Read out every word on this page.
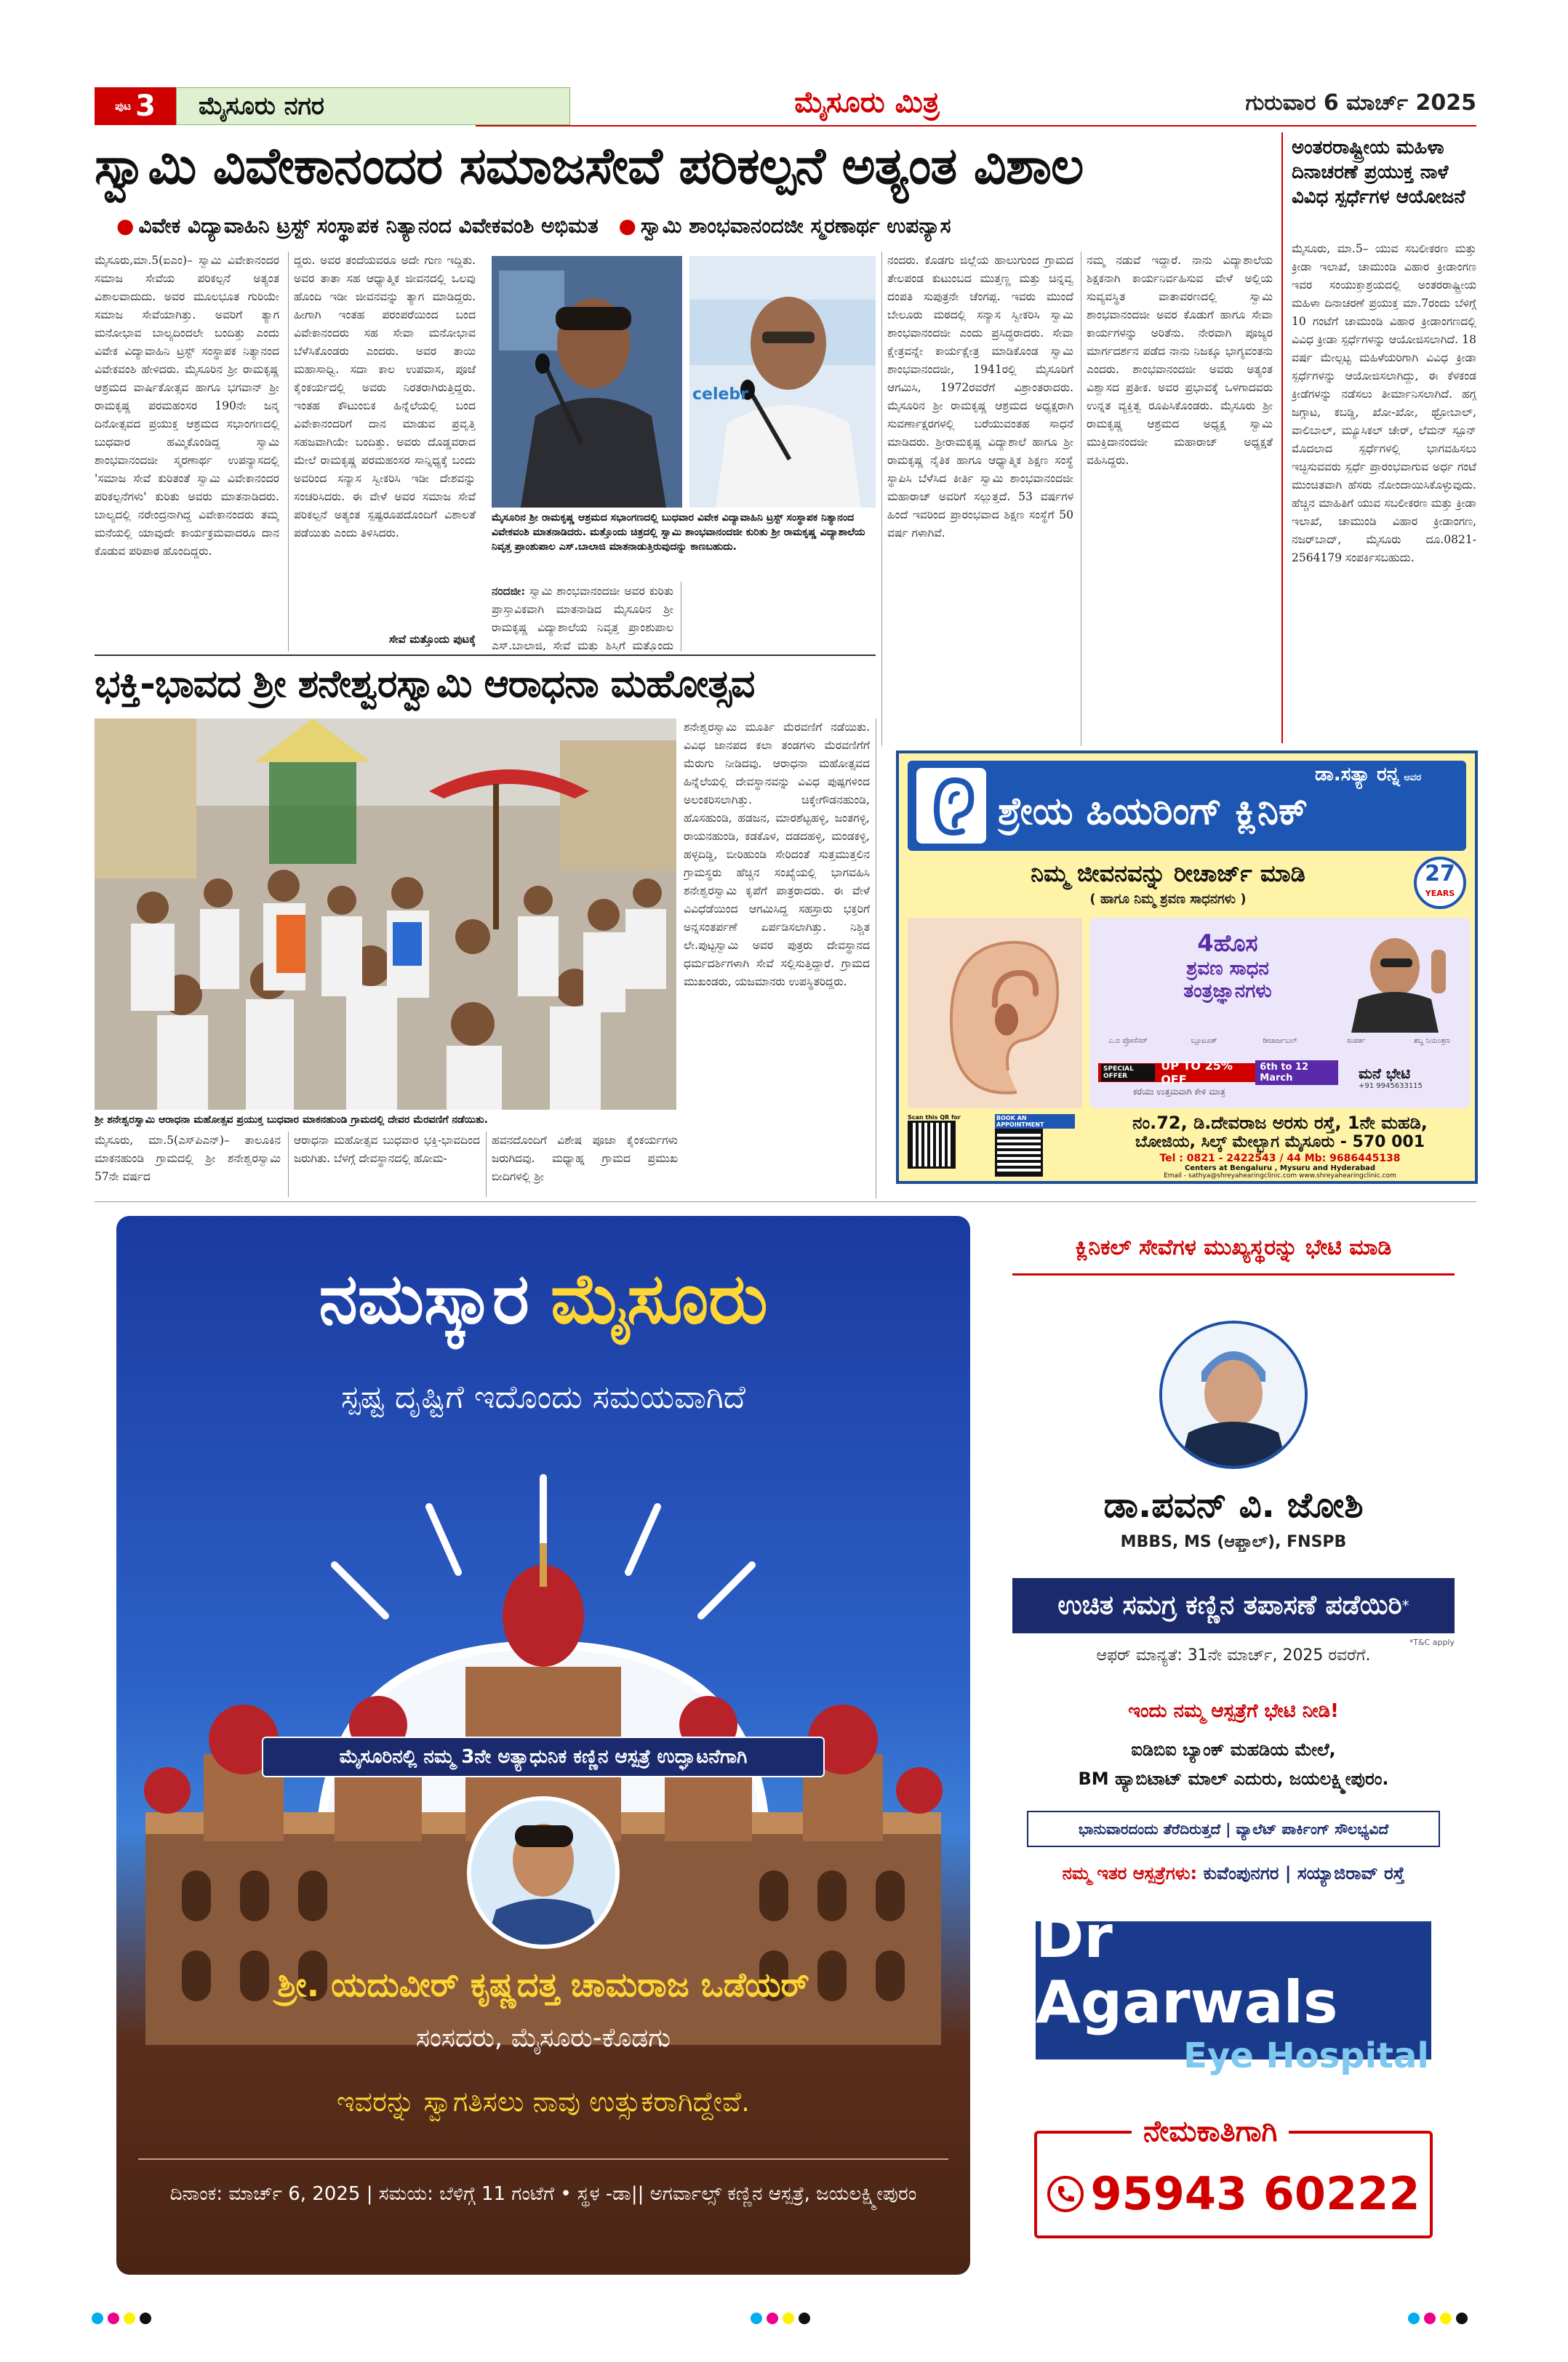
ಪುಟ 3 ಮೈಸೂರು ನಗರ	ಮೈಸೂರು ಮಿತ್ರ	ಗುರುವಾರ 6 ಮಾರ್ಚ್ 2025
ಸ್ವಾಮಿ ವಿವೇಕಾನಂದರ ಸಮಾಜಸೇವೆ ಪರಿಕಲ್ಪನೆ ಅತ್ಯಂತ ವಿಶಾಲ
● ವಿವೇಕ ವಿದ್ಯಾವಾಹಿನಿ ಟ್ರಸ್ಟ್ ಸಂಸ್ಥಾಪಕ ನಿತ್ಯಾನಂದ ವಿವೇಕವಂಶಿ ಅಭಿಮತ ● ಸ್ವಾಮಿ ಶಾಂಭವಾನಂದಜೀ ಸ್ಮರಣಾರ್ಥ ಉಪನ್ಯಾಸ
ಮೈಸೂರು,ಮಾ.5(ಐಎಂ)– ಸ್ವಾಮಿ ವಿವೇಕಾನಂದರ ಸಮಾಜ ಸೇವೆಯ ಪರಿಕಲ್ಪನೆ ಅತ್ಯಂತ ವಿಶಾಲವಾದುದು. ಅವರ ಮೂಲಭೂತ ಗುರಿಯೇ ಸಮಾಜ ಸೇವೆಯಾಗಿತ್ತು. ಅವರಿಗೆ ತ್ಯಾಗ ಮನೋಭಾವ ಬಾಲ್ಯದಿಂದಲೇ ಬಂದಿತ್ತು ಎಂದು ವಿವೇಕ ವಿದ್ಯಾವಾಹಿನಿ ಟ್ರಸ್ಟ್ ಸಂಸ್ಥಾಪಕ ನಿತ್ಯಾನಂದ ವಿವೇಕವಂಶಿ ಹೇಳಿದರು. ಮೈಸೂರಿನ ಶ್ರೀ ರಾಮಕೃಷ್ಣ ಆಶ್ರಮದ ವಾರ್ಷಿಕೋತ್ಸವ ಹಾಗೂ ಭಗವಾನ್ ಶ್ರೀ ರಾಮಕೃಷ್ಣ ಪರಮಹಂಸರ 190ನೇ ಜನ್ಮ ದಿನೋತ್ಸವದ ಪ್ರಯುಕ್ತ ಆಶ್ರಮದ ಸಭಾಂಗಣದಲ್ಲಿ ಬುಧವಾರ ಹಮ್ಮಿಕೊಂಡಿದ್ದ ಸ್ವಾಮಿ ಶಾಂಭವಾನಂದಜೀ ಸ್ಮರಣಾರ್ಥ ಉಪನ್ಯಾಸದಲ್ಲಿ 'ಸಮಾಜ ಸೇವೆ ಕುರಿತಂತೆ ಸ್ವಾಮಿ ವಿವೇಕಾನಂದರ ಪರಿಕಲ್ಪನೆಗಳು' ಕುರಿತು ಅವರು ಮಾತನಾಡಿದರು. ಬಾಲ್ಯದಲ್ಲಿ ನರೇಂದ್ರನಾಗಿದ್ದ ವಿವೇಕಾನಂದರು ತಮ್ಮ ಮನೆಯಲ್ಲಿ ಯಾವುದೇ ಕಾರ್ಯಕ್ರಮವಾದರೂ ದಾನ ಕೊಡುವ ಪರಿಪಾಠ ಹೊಂದಿದ್ದರು.
ದ್ದರು. ಅವರ ತಂದೆಯವರೂ ಅದೇ ಗುಣ ಇದ್ದಿತು. ಅವರ ತಾತಾ ಸಹ ಆಧ್ಯಾತ್ಮಿಕ ಜೀವನದಲ್ಲಿ ಒಲವು ಹೊಂದಿ ಇಡೀ ಜೀವನವನ್ನು ತ್ಯಾಗ ಮಾಡಿದ್ದರು. ಹೀಗಾಗಿ ಇಂತಹ ಪರಂಪರೆಯಿಂದ ಬಂದ ವಿವೇಕಾನಂದರು ಸಹ ಸೇವಾ ಮನೋಭಾವ ಬೆಳೆಸಿಕೊಂಡರು ಎಂದರು. ಅವರ ತಾಯಿ ಮಹಾಸಾಧ್ವಿ. ಸದಾ ಕಾಲ ಉಪವಾಸ, ಪೂಜೆ ಕೈಂಕರ್ಯದಲ್ಲಿ ಅವರು ನಿರತರಾಗಿರುತ್ತಿದ್ದರು. ಇಂತಹ ಕೌಟುಂಬಿಕ ಹಿನ್ನೆಲೆಯಲ್ಲಿ ಬಂದ ವಿವೇಕಾನಂದರಿಗೆ ದಾನ ಮಾಡುವ ಪ್ರವೃತ್ತಿ ಸಹಜವಾಗಿಯೇ ಬಂದಿತ್ತು. ಅವರು ದೊಡ್ಡವರಾದ ಮೇಲೆ ರಾಮಕೃಷ್ಣ ಪರಮಹಂಸರ ಸಾನ್ನಿಧ್ಯಕ್ಕೆ ಬಂದು ಅವರಿಂದ ಸನ್ಯಾಸ ಸ್ವೀಕರಿಸಿ ಇಡೀ ದೇಶವನ್ನು ಸಂಚರಿಸಿದರು. ಈ ವೇಳೆ ಅವರ ಸಮಾಜ ಸೇವೆ ಪರಿಕಲ್ಪನೆ ಅತ್ಯಂತ ಸ್ಪಷ್ಟರೂಪದೊಂದಿಗೆ ವಿಶಾಲತೆ ಪಡೆಯಿತು ಎಂದು ತಿಳಿಸಿದರು.
ಸೇವೆ ಮತ್ತೊಂದು ಪುಟಕ್ಕೆ
celebr
ಮೈಸೂರಿನ ಶ್ರೀ ರಾಮಕೃಷ್ಣ ಆಶ್ರಮದ ಸಭಾಂಗಣದಲ್ಲಿ ಬುಧವಾರ ವಿವೇಕ ವಿದ್ಯಾವಾಹಿನಿ ಟ್ರಸ್ಟ್ ಸಂಸ್ಥಾಪಕ ನಿತ್ಯಾನಂದ ವಿವೇಕವಂಶಿ ಮಾತನಾಡಿದರು. ಮತ್ತೊಂದು ಚಿತ್ರದಲ್ಲಿ ಸ್ವಾಮಿ ಶಾಂಭವಾನಂದಜೀ ಕುರಿತು ಶ್ರೀ ರಾಮಕೃಷ್ಣ ವಿದ್ಯಾಶಾಲೆಯ ನಿವೃತ್ತ ಪ್ರಾಂಶುಪಾಲ ಎಸ್.ಬಾಲಾಜಿ ಮಾತನಾಡುತ್ತಿರುವುದನ್ನು ಕಾಣಬಹುದು.
ನಂದಜೀ: ಸ್ವಾಮಿ ಶಾಂಭವಾನಂದಜೀ ಅವರ ಕುರಿತು ಪ್ರಾಸ್ತಾವಿಕವಾಗಿ ಮಾತನಾಡಿದ ಮೈಸೂರಿನ ಶ್ರೀ ರಾಮಕೃಷ್ಣ ವಿದ್ಯಾಶಾಲೆಯ ನಿವೃತ್ತ ಪ್ರಾಂಶುಪಾಲ ಎಸ್.ಬಾಲಾಜಿ, ಸೇವೆ ಮತ್ತು ಶಿಸ್ತಿಗೆ ಮತ್ತೊಂದು
ನಂದರು. ಕೊಡಗು ಜಿಲ್ಲೆಯ ಹಾಲುಗುಂದ ಗ್ರಾಮದ ತೇಲಪಂಡ ಕುಟುಂಬದ ಮುತ್ತಣ್ಣ ಮತ್ತು ಚಿನ್ನವ್ವ ದಂಪತಿ ಸುಪುತ್ರನೇ ಚೆಂಗಪ್ಪ. ಇವರು ಮುಂದೆ ಬೇಲೂರು ಮಠದಲ್ಲಿ ಸನ್ಯಾಸ ಸ್ವೀಕರಿಸಿ ಸ್ವಾಮಿ ಶಾಂಭವಾನಂದಜೀ ಎಂದು ಪ್ರಸಿದ್ಧರಾದರು. ಸೇವಾ ಕ್ಷೇತ್ರವನ್ನೇ ಕಾರ್ಯಕ್ಷೇತ್ರ ಮಾಡಿಕೊಂಡ ಸ್ವಾಮಿ ಶಾಂಭವಾನಂದಜೀ, 1941ರಲ್ಲಿ ಮೈಸೂರಿಗೆ ಆಗಮಿಸಿ, 1972ರವರೆಗೆ ವಿಶ್ರಾಂತರಾದರು. ಮೈಸೂರಿನ ಶ್ರೀ ರಾಮಕೃಷ್ಣ ಆಶ್ರಮದ ಅಧ್ಯಕ್ಷರಾಗಿ ಸುವರ್ಣಾಕ್ಷರಗಳಲ್ಲಿ ಬರೆಯುವಂತಹ ಸಾಧನೆ ಮಾಡಿದರು. ಶ್ರೀರಾಮಕೃಷ್ಣ ವಿದ್ಯಾಶಾಲೆ ಹಾಗೂ ಶ್ರೀ ರಾಮಕೃಷ್ಣ ನೈತಿಕ ಹಾಗೂ ಆಧ್ಯಾತ್ಮಿಕ ಶಿಕ್ಷಣ ಸಂಸ್ಥೆ ಸ್ಥಾಪಿಸಿ ಬೆಳೆಸಿದ ಕೀರ್ತಿ ಸ್ವಾಮಿ ಶಾಂಭವಾನಂದಜೀ ಮಹಾರಾಜ್ ಅವರಿಗೆ ಸಲ್ಲುತ್ತದೆ. 53 ವರ್ಷಗಳ ಹಿಂದೆ ಇವರಿಂದ ಪ್ರಾರಂಭವಾದ ಶಿಕ್ಷಣ ಸಂಸ್ಥೆಗೆ 50 ವರ್ಷ ಗಳಾಗಿವೆ.
ನಮ್ಮ ನಡುವೆ ಇದ್ದಾರೆ. ನಾನು ವಿದ್ಯಾಶಾಲೆಯ ಶಿಕ್ಷಕನಾಗಿ ಕಾರ್ಯನಿರ್ವಹಿಸುವ ವೇಳೆ ಅಲ್ಲಿಯ ಸುವ್ಯವಸ್ಥಿತ ವಾತಾವರಣದಲ್ಲಿ ಸ್ವಾಮಿ ಶಾಂಭವಾನಂದಜೀ ಅವರ ಕೊಡುಗೆ ಹಾಗೂ ಸೇವಾ ಕಾರ್ಯಗಳನ್ನು ಅರಿತೆನು. ನೇರವಾಗಿ ಪೂಜ್ಯರ ಮಾರ್ಗದರ್ಶನ ಪಡೆದ ನಾನು ನಿಜಕ್ಕೂ ಭಾಗ್ಯವಂತನು ಎಂದರು. ಶಾಂಭವಾನಂದಜೀ ಅವರು ಅತ್ಯಂತ ವಿಶ್ವಾಸದ ಪ್ರತೀಕ. ಅವರ ಪ್ರಭಾವಕ್ಕೆ ಒಳಗಾದವರು ಉನ್ನತ ವ್ಯಕ್ತಿತ್ವ ರೂಪಿಸಿಕೊಂಡರು. ಮೈಸೂರು ಶ್ರೀ ರಾಮಕೃಷ್ಣ ಆಶ್ರಮದ ಅಧ್ಯಕ್ಷ ಸ್ವಾಮಿ ಮುಕ್ತಿದಾನಂದಜೀ ಮಹಾರಾಜ್ ಅಧ್ಯಕ್ಷತೆ ವಹಿಸಿದ್ದರು.
ಅಂತರರಾಷ್ಟ್ರೀಯ ಮಹಿಳಾ ದಿನಾಚರಣೆ ಪ್ರಯುಕ್ತ ನಾಳೆ ವಿವಿಧ ಸ್ಪರ್ಧೆಗಳ ಆಯೋಜನೆ
ಮೈಸೂರು, ಮಾ.5– ಯುವ ಸಬಲೀಕರಣ ಮತ್ತು ಕ್ರೀಡಾ ಇಲಾಖೆ, ಚಾಮುಂಡಿ ವಿಹಾರ ಕ್ರೀಡಾಂಗಣ ಇವರ ಸಂಯುಕ್ತಾಶ್ರಯದಲ್ಲಿ ಅಂತರರಾಷ್ಟ್ರೀಯ ಮಹಿಳಾ ದಿನಾಚರಣೆ ಪ್ರಯುಕ್ತ ಮಾ.7ರಂದು ಬೆಳಿಗ್ಗೆ 10 ಗಂಟೆಗೆ ಚಾಮುಂಡಿ ವಿಹಾರ ಕ್ರೀಡಾಂಗಣದಲ್ಲಿ ವಿವಿಧ ಕ್ರೀಡಾ ಸ್ಪರ್ಧೆಗಳನ್ನು ಆಯೋಜಿಸಲಾಗಿದೆ. 18 ವರ್ಷ ಮೇಲ್ಪಟ್ಟ ಮಹಿಳೆಯರಿಗಾಗಿ ವಿವಿಧ ಕ್ರೀಡಾ ಸ್ಪರ್ಧೆಗಳನ್ನು ಆಯೋಜಿಸಲಾಗಿದ್ದು, ಈ ಕೆಳಕಂಡ ಕ್ರೀಡೆಗಳನ್ನು ನಡೆಸಲು ತೀರ್ಮಾನಿಸಲಾಗಿದೆ. ಹಗ್ಗ ಜಗ್ಗಾಟ, ಕಬಡ್ಡಿ, ಖೋ-ಖೋ, ಥ್ರೋಬಾಲ್, ವಾಲಿಬಾಲ್, ಮ್ಯೂಸಿಕಲ್ ಚೇರ್, ಲೆಮನ್ ಸ್ಪೂನ್ ಮೊದಲಾದ ಸ್ಪರ್ಧೆಗಳಲ್ಲಿ ಭಾಗವಹಿಸಲು ಇಚ್ಛಿಸುವವರು ಸ್ಪರ್ಧೆ ಪ್ರಾರಂಭವಾಗುವ ಅರ್ಧ ಗಂಟೆ ಮುಂಚಿತವಾಗಿ ಹೆಸರು ನೋಂದಾಯಿಸಿಕೊಳ್ಳುವುದು. ಹೆಚ್ಚಿನ ಮಾಹಿತಿಗೆ ಯುವ ಸಬಲೀಕರಣ ಮತ್ತು ಕ್ರೀಡಾ ಇಲಾಖೆ, ಚಾಮುಂಡಿ ವಿಹಾರ ಕ್ರೀಡಾಂಗಣ, ನಜರ್‌ಬಾದ್, ಮೈಸೂರು ದೂ.0821-2564179 ಸಂಪರ್ಕಿಸಬಹುದು.
ಭಕ್ತಿ-ಭಾವದ ಶ್ರೀ ಶನೇಶ್ವರಸ್ವಾಮಿ ಆರಾಧನಾ ಮಹೋತ್ಸವ
ಶ್ರೀ ಶನೇಶ್ವರಸ್ವಾಮಿ ಆರಾಧನಾ ಮಹೋತ್ಸವ ಪ್ರಯುಕ್ತ ಬುಧವಾರ ಮಾಕನಹುಂಡಿ ಗ್ರಾಮದಲ್ಲಿ ದೇವರ ಮೆರವಣಿಗೆ ನಡೆಯಿತು.
ಶನೇಶ್ವರಸ್ವಾಮಿ ಮೂರ್ತಿ ಮೆರವಣಿಗೆ ನಡೆಯಿತು. ವಿವಿಧ ಜಾನಪದ ಕಲಾ ತಂಡಗಳು ಮೆರವಣಿಗೆಗೆ ಮೆರುಗು ನೀಡಿದವು. ಆರಾಧನಾ ಮಹೋತ್ಸವದ ಹಿನ್ನೆಲೆಯಲ್ಲಿ ದೇವಸ್ಥಾನವನ್ನು ವಿವಿಧ ಪುಷ್ಪಗಳಿಂದ ಅಲಂಕರಿಸಲಾಗಿತ್ತು. ಚಿಕ್ಕೇಗೌಡನಹುಂಡಿ, ಹೊಸಹುಂಡಿ, ಹಡಜನ, ಮಾರಶೆಟ್ಟಹಳ್ಳಿ, ಜಂತಗಳ್ಳಿ, ರಾಯನಹುಂಡಿ, ಕಡಕೊಳ, ದಡದಹಳ್ಳಿ, ಮಂಡಕಳ್ಳಿ, ಹಳ್ಳದಿಡ್ಡಿ, ಬೀರಿಹುಂಡಿ ಸೇರಿದಂತೆ ಸುತ್ತಮುತ್ತಲಿನ ಗ್ರಾಮಸ್ಥರು ಹೆಚ್ಚಿನ ಸಂಖ್ಯೆಯಲ್ಲಿ ಭಾಗವಹಿಸಿ ಶನೇಶ್ವರಸ್ವಾಮಿ ಕೃಪೆಗೆ ಪಾತ್ರರಾದರು. ಈ ವೇಳೆ ವಿವಿಧೆಡೆಯಿಂದ ಆಗಮಿಸಿದ್ದ ಸಹಸ್ರಾರು ಭಕ್ತರಿಗೆ ಅನ್ನಸಂತರ್ಪಣೆ ಏರ್ಪಡಿಸಲಾಗಿತ್ತು. ನಿಶ್ಚಿತ ಲೇ.ಪುಟ್ಟಸ್ವಾಮಿ ಅವರ ಪುತ್ರರು ದೇವಸ್ಥಾನದ ಧರ್ಮದರ್ಶಿಗಳಾಗಿ ಸೇವೆ ಸಲ್ಲಿಸುತ್ತಿದ್ದಾರೆ. ಗ್ರಾಮದ ಮುಖಂಡರು, ಯಜಮಾನರು ಉಪಸ್ಥಿತರಿದ್ದರು.
ಮೈಸೂರು, ಮಾ.5(ಎಸ್‌ಪಿಎನ್)– ತಾಲೂಕಿನ ಮಾಕನಹುಂಡಿ ಗ್ರಾಮದಲ್ಲಿ ಶ್ರೀ ಶನೇಶ್ವರಸ್ವಾಮಿ 57ನೇ ವರ್ಷದ
ಆರಾಧನಾ ಮಹೋತ್ಸವ ಬುಧವಾರ ಭಕ್ತಿ-ಭಾವದಿಂದ ಜರುಗಿತು. ಬೆಳಗ್ಗೆ ದೇವಸ್ಥಾನದಲ್ಲಿ ಹೋಮ-
ಹವನದೊಂದಿಗೆ ವಿಶೇಷ ಪೂಜಾ ಕೈಂಕರ್ಯಗಳು ಜರುಗಿದವು. ಮಧ್ಯಾಹ್ನ ಗ್ರಾಮದ ಪ್ರಮುಖ ಬೀದಿಗಳಲ್ಲಿ ಶ್ರೀ
ಡಾ.ಸತ್ಯಾ ರನ್ನ ಅವರ
ಶ್ರೇಯ ಹಿಯರಿಂಗ್ ಕ್ಲಿನಿಕ್
ನಿಮ್ಮ ಜೀವನವನ್ನು ರೀಚಾರ್ಜ್ ಮಾಡಿ
( ಹಾಗೂ ನಿಮ್ಮ ಶ್ರವಣ ಸಾಧನಗಳು )
27
YEARS
4ಹೊಸ
ಶ್ರವಣ ಸಾಧನ
ತಂತ್ರಜ್ಞಾನಗಳು
ಎ.ಐ ಪ್ರೋಸೆಸರ್	ಬ್ಲೂಟೂತ್	ರೀಚಾರ್ಜಬಲ್	ಸಂಪರ್ಕ	ಶಬ್ದ ನಿಯಂತ್ರಣ
SPECIAL OFFER
UP TO 25% OFF
6th to 12 March
ಕರೆಯು ಉತ್ತಮವಾಗಿ ಕೇಳಿ ಮಾತ್ರ
ಮನೆ ಭೇಟಿ
+91 9945633115
Scan this QR for	BOOK AN APPOINTMENT	ನಂ.72, ಡಿ.ದೇವರಾಜ ಅರಸು ರಸ್ತೆ, 1ನೇ ಮಹಡಿ,
ಬೋಜಿಯ, ಸಿಲ್ಕ್ ಮೇಲ್ಭಾಗ ಮೈಸೂರು - 570 001
Tel : 0821 - 2422543 / 44 Mb: 9686445138
Centers at Bengaluru , Mysuru and Hyderabad
Email - sathya@shreyahearingclinic.com www.shreyahearingclinic.com
ನಮಸ್ಕಾರ ಮೈಸೂರು
ಸ್ಪಷ್ಟ ದೃಷ್ಟಿಗೆ ಇದೊಂದು ಸಮಯವಾಗಿದೆ
ಮೈಸೂರಿನಲ್ಲಿ ನಮ್ಮ 3ನೇ ಅತ್ಯಾಧುನಿಕ ಕಣ್ಣಿನ ಆಸ್ಪತ್ರೆ ಉದ್ಘಾಟನೆಗಾಗಿ
ಶ್ರೀ. ಯದುವೀರ್ ಕೃಷ್ಣದತ್ತ ಚಾಮರಾಜ ಒಡೆಯರ್
ಸಂಸದರು, ಮೈಸೂರು-ಕೊಡಗು
ಇವರನ್ನು ಸ್ವಾಗತಿಸಲು ನಾವು ಉತ್ಸುಕರಾಗಿದ್ದೇವೆ.
ದಿನಾಂಕ: ಮಾರ್ಚ್ 6, 2025 | ಸಮಯ: ಬೆಳಿಗ್ಗೆ 11 ಗಂಟೆಗೆ • ಸ್ಥಳ -ಡಾ|| ಅಗರ್ವಾಲ್ಸ್ ಕಣ್ಣಿನ ಆಸ್ಪತ್ರೆ, ಜಯಲಕ್ಷ್ಮೀಪುರಂ
ಕ್ಲಿನಿಕಲ್ ಸೇವೆಗಳ ಮುಖ್ಯಸ್ಥರನ್ನು ಭೇಟಿ ಮಾಡಿ
ಡಾ.ಪವನ್ ವಿ. ಜೋಶಿ
MBBS, MS (ಆಫ್ತಾಲ್), FNSPB
ಉಚಿತ ಸಮಗ್ರ ಕಣ್ಣಿನ ತಪಾಸಣೆ ಪಡೆಯಿರಿ *
ಆಫರ್ ಮಾನ್ಯತೆ: 31ನೇ ಮಾರ್ಚ್, 2025 ರವರೆಗೆ.
*T&C apply
ಇಂದು ನಮ್ಮ ಆಸ್ಪತ್ರೆಗೆ ಭೇಟಿ ನೀಡಿ!
ಐಡಿಬಿಐ ಬ್ಯಾಂಕ್ ಮಹಡಿಯ ಮೇಲೆ,
BM ಹ್ಯಾಬಿಟಾಟ್ ಮಾಲ್ ಎದುರು, ಜಯಲಕ್ಷ್ಮೀಪುರಂ.
ಭಾನುವಾರದಂದು ತೆರೆದಿರುತ್ತದೆ | ವ್ಯಾಲೆಟ್ ಪಾರ್ಕಿಂಗ್ ಸೌಲಭ್ಯವಿದೆ
ನಮ್ಮ ಇತರ ಆಸ್ಪತ್ರೆಗಳು: ಕುವೆಂಪುನಗರ | ಸಯ್ಯಾಜಿರಾವ್ ರಸ್ತೆ
Dr Agarwals
Eye Hospital
ನೇಮಕಾತಿಗಾಗಿ
95943 60222
